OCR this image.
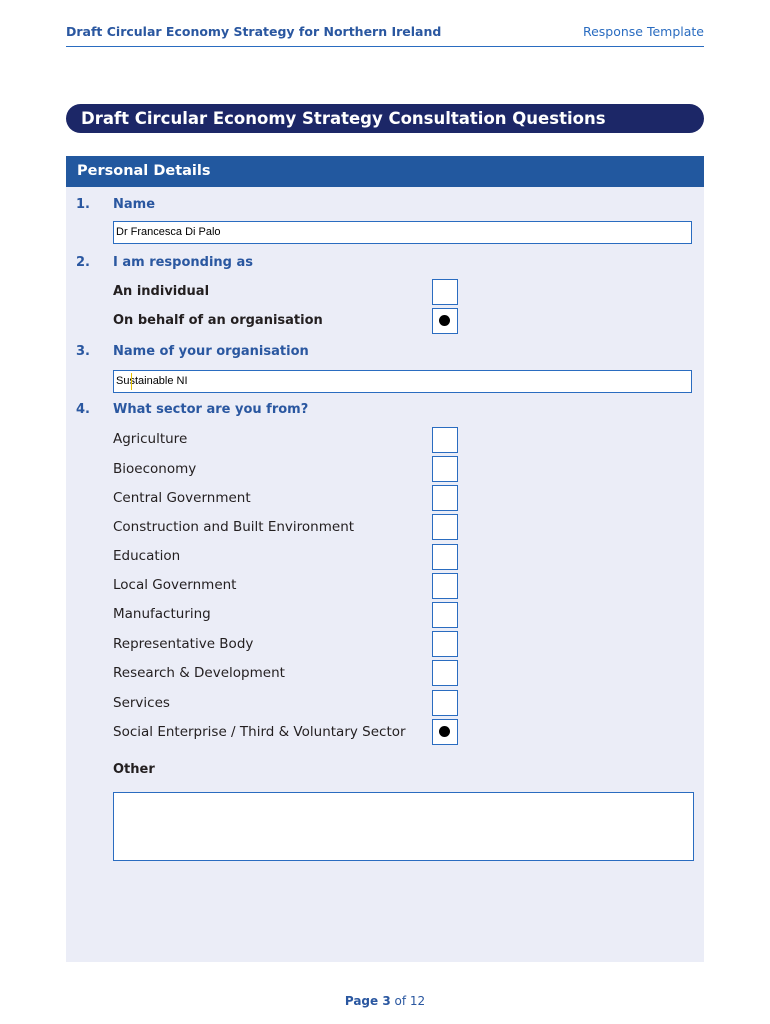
Draft Circular Economy Strategy for Northern Ireland	Response Template
Draft Circular Economy Strategy Consultation Questions
Personal Details
1. Name
Dr Francesca Di Palo
2. I am responding as
An individual
On behalf of an organisation
3. Name of your organisation
Sustainable NI
4. What sector are you from?
Agriculture
Bioeconomy
Central Government
Construction and Built Environment
Education
Local Government
Manufacturing
Representative Body
Research & Development
Services
Social Enterprise / Third & Voluntary Sector
Other
Page 3 of 12
